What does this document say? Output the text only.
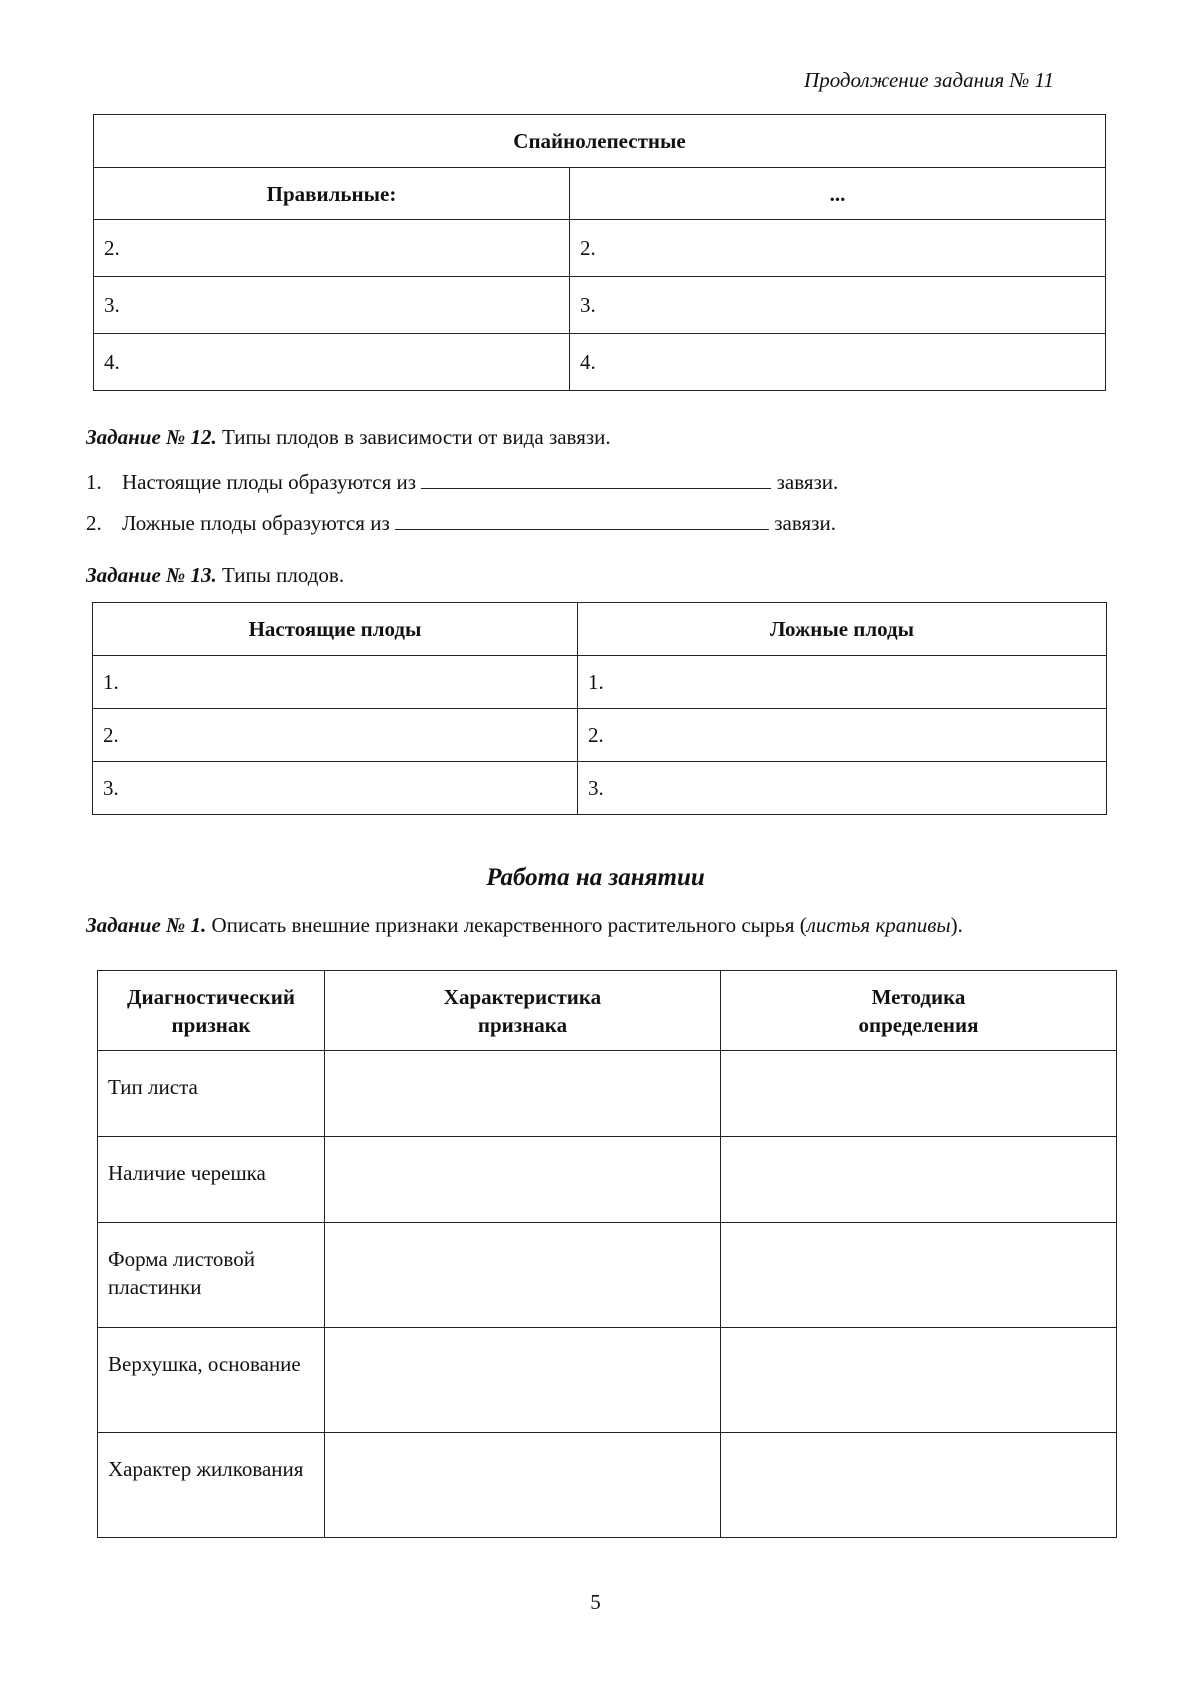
Продолжение задания № 11
Спайнолепестные	
Правильные:	...
2.	2.
3.	3.
4.	4.
Задание № 12. Типы плодов в зависимости от вида завязи.
1. Настоящие плоды образуются из	завязи.
2. Ложные плоды образуются из	завязи.
Задание № 13. Типы плодов.
Настоящие плоды	Ложные плоды
1.	1.
2.	2.
3.	3.
Работа на занятии
Задание № 1. Описать внешние признаки лекарственного растительного сырья (листья крапивы).
Диагностический признак	Характеристика признака	Методика определения
Тип листа		
Наличие черешка		
Форма листовой пластинки		
Верхушка, основание		
Характер жилкования		
5
